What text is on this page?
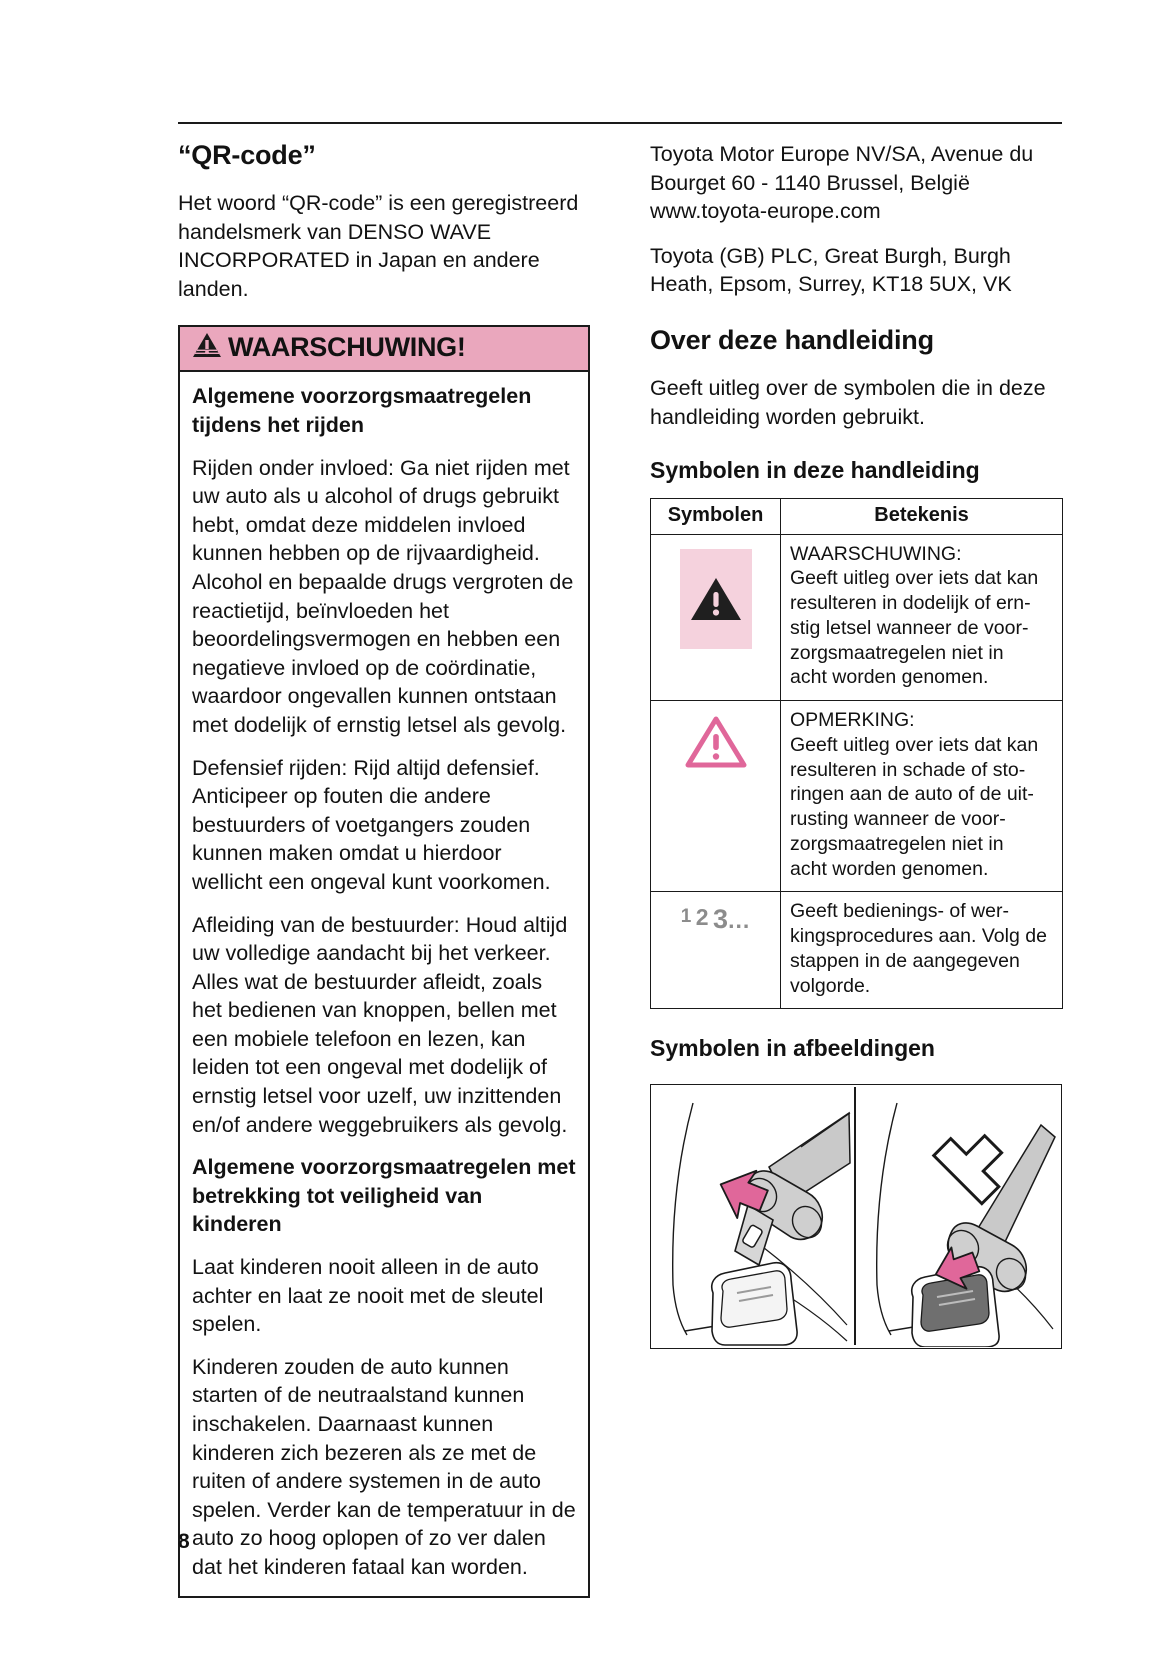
“QR-code”

Het woord “QR-code” is een geregistreerd handelsmerk van DENSO WAVE INCORPORATED in Japan en andere landen.

WAARSCHUWING!

Algemene voorzorgsmaatregelen tijdens het rijden

Rijden onder invloed: Ga niet rijden met uw auto als u alcohol of drugs gebruikt hebt, omdat deze middelen invloed kunnen hebben op de rijvaardigheid. Alcohol en bepaalde drugs vergroten de reactietijd, beïnvloeden het beoordelingsvermogen en hebben een negatieve invloed op de coördinatie, waardoor ongevallen kunnen ontstaan met dodelijk of ernstig letsel als gevolg.

Defensief rijden: Rijd altijd defensief. Anticipeer op fouten die andere bestuurders of voetgangers zouden kunnen maken omdat u hierdoor wellicht een ongeval kunt voorkomen.

Afleiding van de bestuurder: Houd altijd uw volledige aandacht bij het verkeer. Alles wat de bestuurder afleidt, zoals het bedienen van knoppen, bellen met een mobiele telefoon en lezen, kan leiden tot een ongeval met dodelijk of ernstig letsel voor uzelf, uw inzittenden en/of andere weggebruikers als gevolg.

Algemene voorzorgsmaatregelen met betrekking tot veiligheid van kinderen

Laat kinderen nooit alleen in de auto achter en laat ze nooit met de sleutel spelen.

Kinderen zouden de auto kunnen starten of de neutraalstand kunnen inschakelen. Daarnaast kunnen kinderen zich bezeren als ze met de ruiten of andere systemen in de auto spelen. Verder kan de temperatuur in de auto zo hoog oplopen of zo ver dalen dat het kinderen fataal kan worden.

Toyota Motor Europe NV/SA, Avenue du Bourget 60 - 1140 Brussel, België www.toyota-europe.com

Toyota (GB) PLC, Great Burgh, Burgh Heath, Epsom, Surrey, KT18 5UX, VK

Over deze handleiding

Geeft uitleg over de symbolen die in deze handleiding worden gebruikt.

Symbolen in deze handleiding
Symbolen	Betekenis

WAARSCHUWING:
Geeft uitleg over iets dat kan
resulteren in dodelijk of ern-
stig letsel wanneer de voor-
zorgsmaatregelen niet in
acht worden genomen.

OPMERKING:
Geeft uitleg over iets dat kan
resulteren in schade of sto-
ringen aan de auto of de uit-
rusting wanneer de voor-
zorgsmaatregelen niet in
acht worden genomen.

1 2 3...	Geeft bedienings- of wer-
kingsprocedures aan. Volg de
stappen in de aangegeven
volgorde.
Symbolen in afbeeldingen
8
